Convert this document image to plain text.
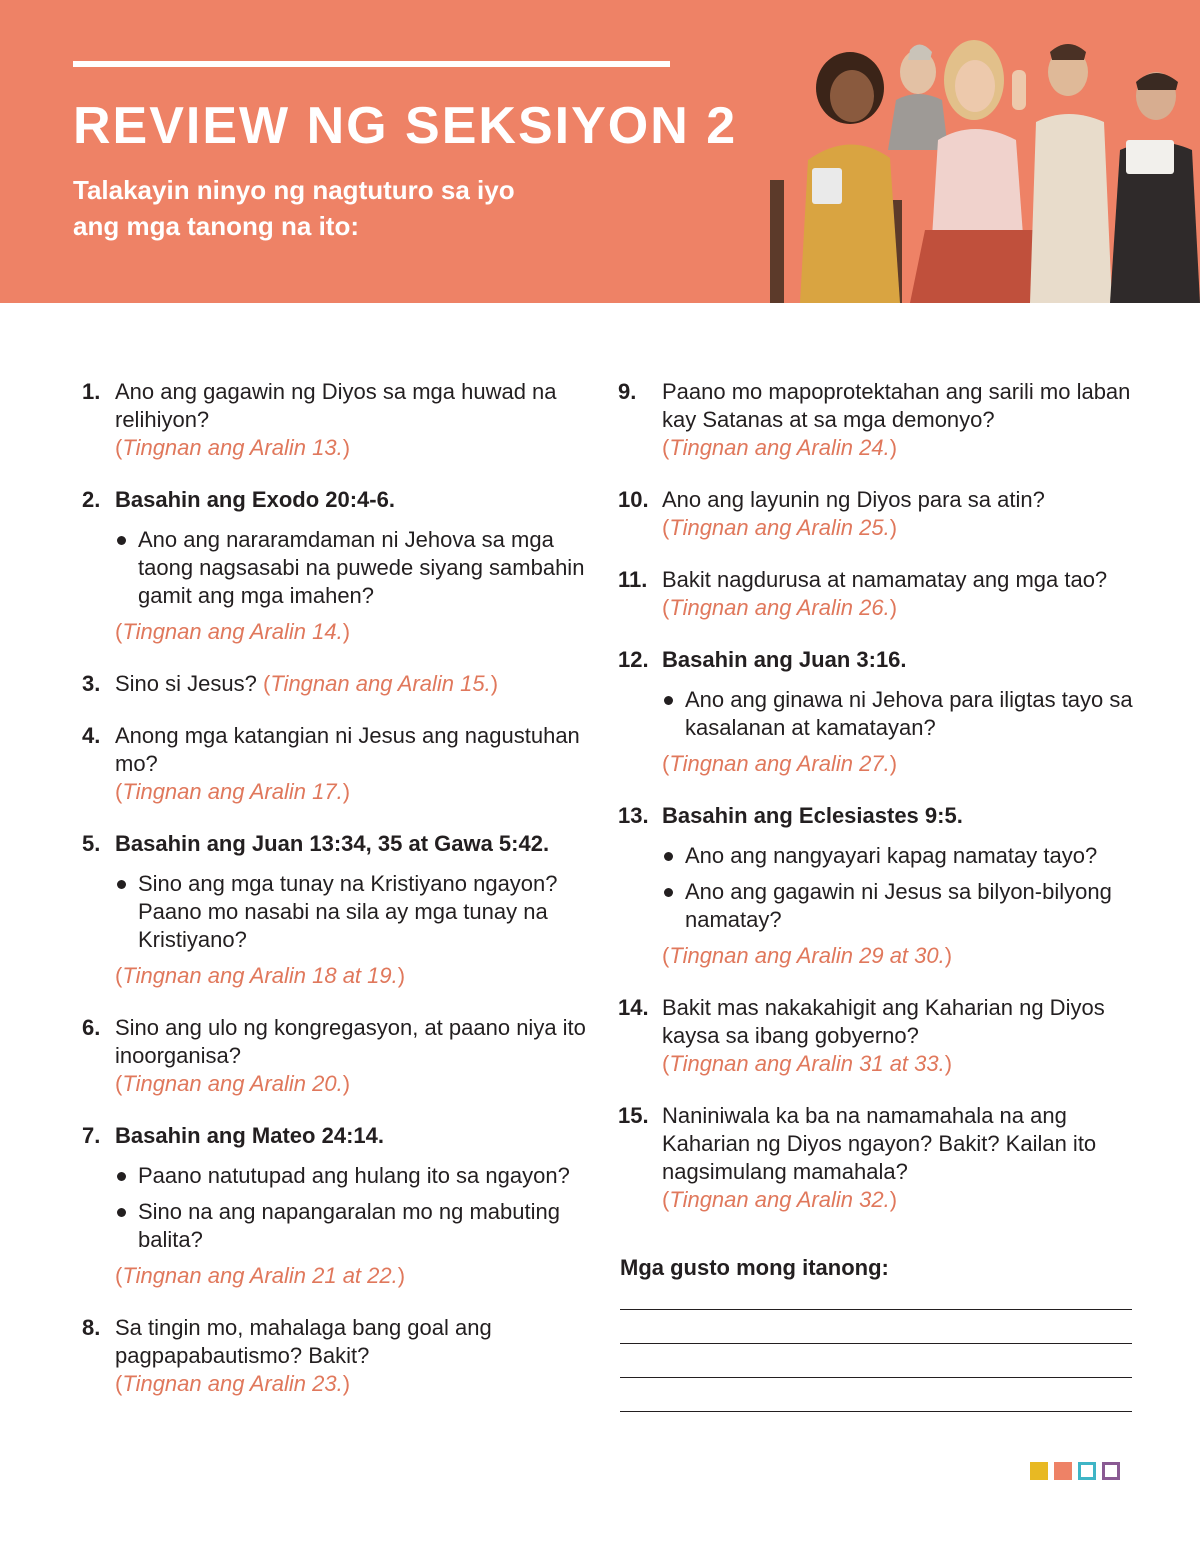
REVIEW NG SEKSIYON 2

Talakayin ninyo ng nagtuturo sa iyo
ang mga tanong na ito:

1. Ano ang gagawin ng Diyos sa mga huwad na relihiyon?
(Tingnan ang Aralin 13.)
2. Basahin ang Exodo 20:4-6.
Ano ang nararamdaman ni Jehova sa mga taong nagsasabi na puwede siyang sambahin gamit ang mga imahen?
(Tingnan ang Aralin 14.)
3. Sino si Jesus? (Tingnan ang Aralin 15.)
4. Anong mga katangian ni Jesus ang nagustuhan mo?
(Tingnan ang Aralin 17.)
5. Basahin ang Juan 13:34, 35 at Gawa 5:42.
Sino ang mga tunay na Kristiyano ngayon? Paano mo nasabi na sila ay mga tunay na Kristiyano?
(Tingnan ang Aralin 18 at 19.)
6. Sino ang ulo ng kongregasyon, at paano niya ito inoorganisa?
(Tingnan ang Aralin 20.)
7. Basahin ang Mateo 24:14.
Paano natutupad ang hulang ito sa ngayon?
Sino na ang napangaralan mo ng mabuting balita?
(Tingnan ang Aralin 21 at 22.)
8. Sa tingin mo, mahalaga bang goal ang pagpapabautismo? Bakit?
(Tingnan ang Aralin 23.)
9. Paano mo mapoprotektahan ang sarili mo laban kay Satanas at sa mga demonyo?
(Tingnan ang Aralin 24.)
10. Ano ang layunin ng Diyos para sa atin?
(Tingnan ang Aralin 25.)
11. Bakit nagdurusa at namamatay ang mga tao?
(Tingnan ang Aralin 26.)
12. Basahin ang Juan 3:16.
Ano ang ginawa ni Jehova para iligtas tayo sa kasalanan at kamatayan?
(Tingnan ang Aralin 27.)
13. Basahin ang Eclesiastes 9:5.
Ano ang nangyayari kapag namatay tayo?
Ano ang gagawin ni Jesus sa bilyon-bilyong namatay?
(Tingnan ang Aralin 29 at 30.)
14. Bakit mas nakakahigit ang Kaharian ng Diyos kaysa sa ibang gobyerno?
(Tingnan ang Aralin 31 at 33.)
15. Naniniwala ka ba na namamahala na ang Kaharian ng Diyos ngayon? Bakit? Kailan ito nagsimulang mamahala?
(Tingnan ang Aralin 32.)

Mga gusto mong itanong:
